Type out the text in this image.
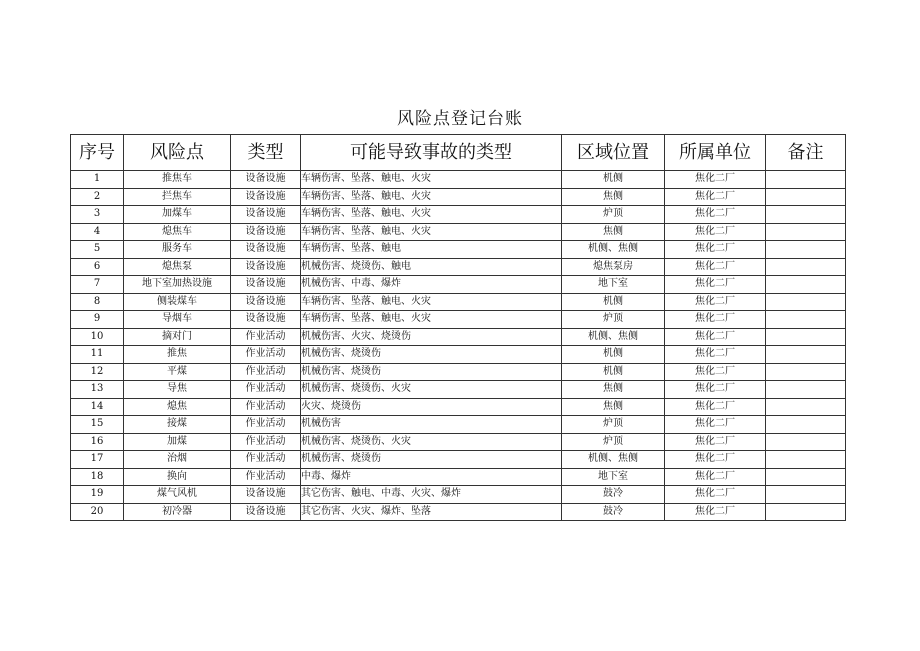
风险点登记台账
序号	风险点	类型	可能导致事故的类型	区域位置	所属单位	备注
1	推焦车	设备设施	车辆伤害、坠落、触电、火灾	机侧	焦化二厂	
2	拦焦车	设备设施	车辆伤害、坠落、触电、火灾	焦侧	焦化二厂	
3	加煤车	设备设施	车辆伤害、坠落、触电、火灾	炉顶	焦化二厂	
4	熄焦车	设备设施	车辆伤害、坠落、触电、火灾	焦侧	焦化二厂	
5	服务车	设备设施	车辆伤害、坠落、触电	机侧、焦侧	焦化二厂	
6	熄焦泵	设备设施	机械伤害、烧烫伤、触电	熄焦泵房	焦化二厂	
7	地下室加热设施	设备设施	机械伤害、中毒、爆炸	地下室	焦化二厂	
8	侧装煤车	设备设施	车辆伤害、坠落、触电、火灾	机侧	焦化二厂	
9	导烟车	设备设施	车辆伤害、坠落、触电、火灾	炉顶	焦化二厂	
10	摘对门	作业活动	机械伤害、火灾、烧烫伤	机侧、焦侧	焦化二厂	
11	推焦	作业活动	机械伤害、烧烫伤	机侧	焦化二厂	
12	平煤	作业活动	机械伤害、烧烫伤	机侧	焦化二厂	
13	导焦	作业活动	机械伤害、烧烫伤、火灾	焦侧	焦化二厂	
14	熄焦	作业活动	火灾、烧烫伤	焦侧	焦化二厂	
15	接煤	作业活动	机械伤害	炉顶	焦化二厂	
16	加煤	作业活动	机械伤害、烧烫伤、火灾	炉顶	焦化二厂	
17	治烟	作业活动	机械伤害、烧烫伤	机侧、焦侧	焦化二厂	
18	换向	作业活动	中毒、爆炸	地下室	焦化二厂	
19	煤气风机	设备设施	其它伤害、触电、中毒、火灾、爆炸	鼓冷	焦化二厂	
20	初冷器	设备设施	其它伤害、火灾、爆炸、坠落	鼓冷	焦化二厂	
